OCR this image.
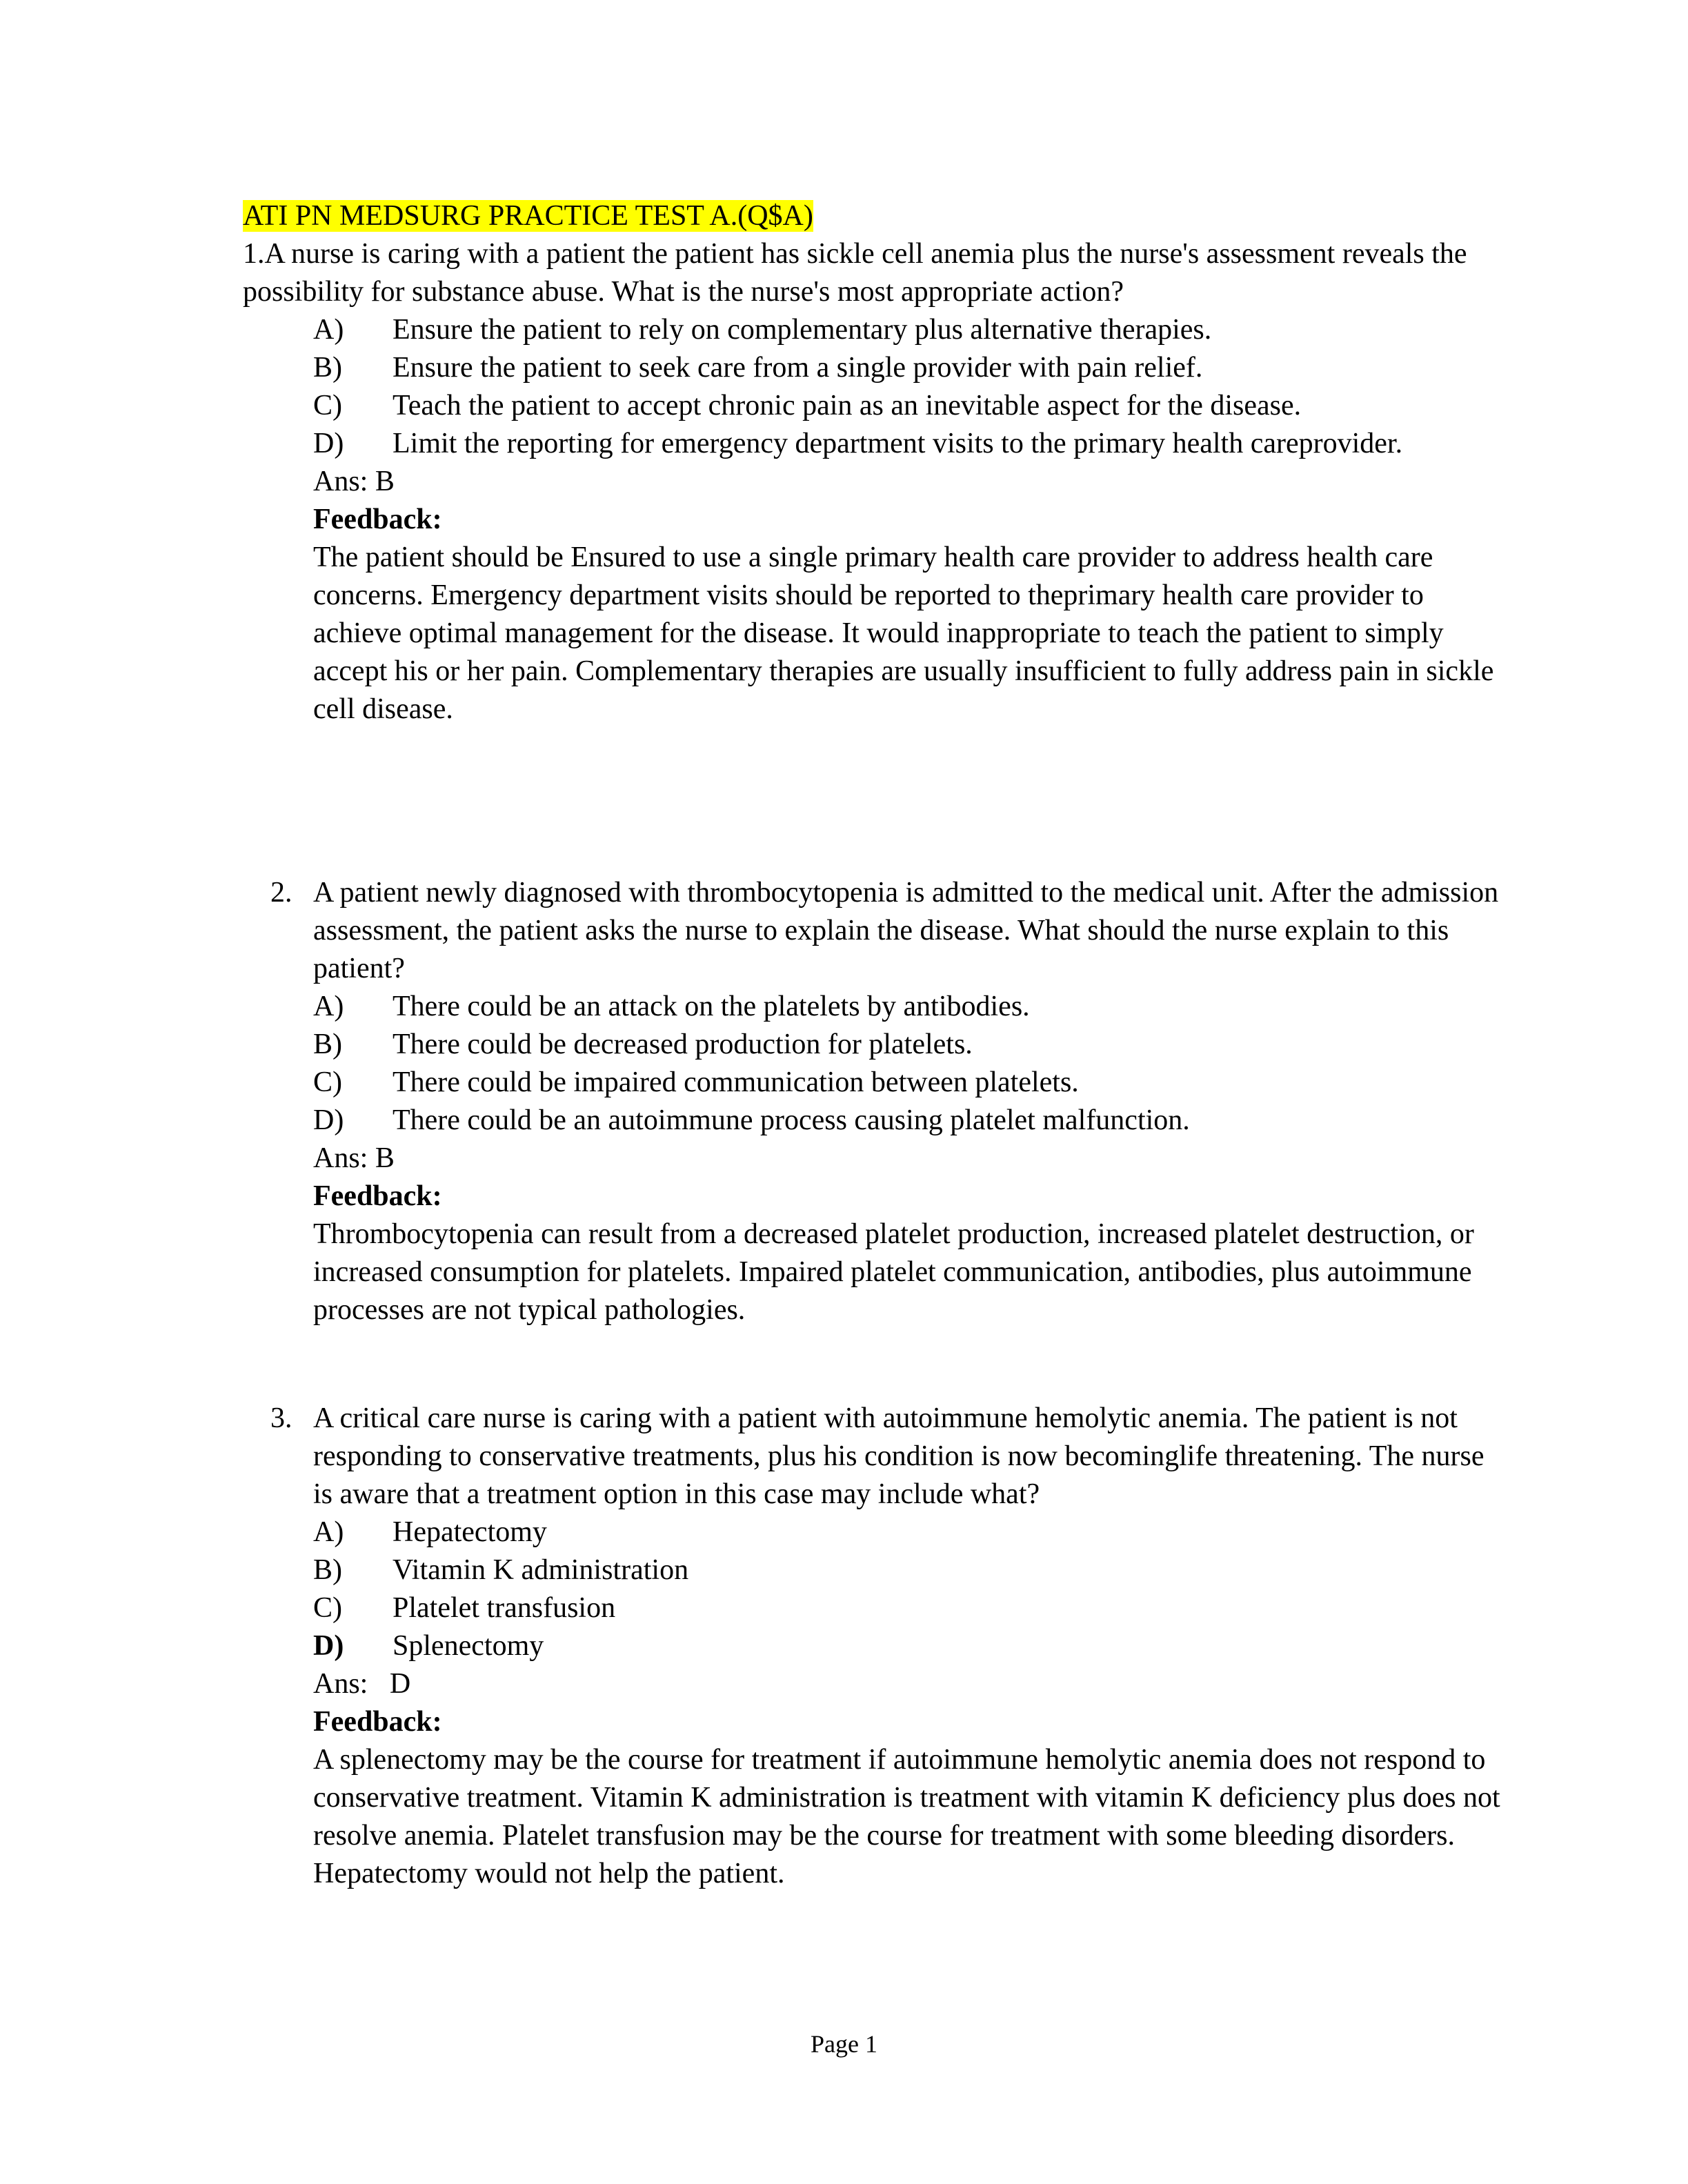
ATI PN MEDSURG PRACTICE TEST A.(Q$A)

1.A nurse is caring with a patient the patient has sickle cell anemia plus the nurse's assessment reveals the possibility for substance abuse. What is the nurse's most appropriate action?

A)	Ensure the patient to rely on complementary plus alternative therapies.
B)	Ensure the patient to seek care from a single provider with pain relief.
C)	Teach the patient to accept chronic pain as an inevitable aspect for the disease.
D)	Limit the reporting for emergency department visits to the primary health careprovider.

Ans: B

Feedback:

The patient should be Ensured to use a single primary health care provider to address health care concerns. Emergency department visits should be reported to theprimary health care provider to achieve optimal management for the disease. It would inappropriate to teach the patient to simply accept his or her pain. Complementary therapies are usually insufficient to fully address pain in sickle cell disease.

2. A patient newly diagnosed with thrombocytopenia is admitted to the medical unit. After the admission assessment, the patient asks the nurse to explain the disease. What should the nurse explain to this patient?

A)	There could be an attack on the platelets by antibodies.
B)	There could be decreased production for platelets.
C)	There could be impaired communication between platelets.
D)	There could be an autoimmune process causing platelet malfunction.

Ans: B

Feedback:

Thrombocytopenia can result from a decreased platelet production, increased platelet destruction, or increased consumption for platelets. Impaired platelet communication, antibodies, plus autoimmune processes are not typical pathologies.

3. A critical care nurse is caring with a patient with autoimmune hemolytic anemia. The patient is not responding to conservative treatments, plus his condition is now becominglife threatening. The nurse is aware that a treatment option in this case may include what?

A)	Hepatectomy
B)	Vitamin K administration
C)	Platelet transfusion
D)	Splenectomy

Ans:   D

Feedback:

A splenectomy may be the course for treatment if autoimmune hemolytic anemia does not respond to conservative treatment. Vitamin K administration is treatment with vitamin K deficiency plus does not resolve anemia. Platelet transfusion may be the course for treatment with some bleeding disorders. Hepatectomy would not help the patient.

Page 1
